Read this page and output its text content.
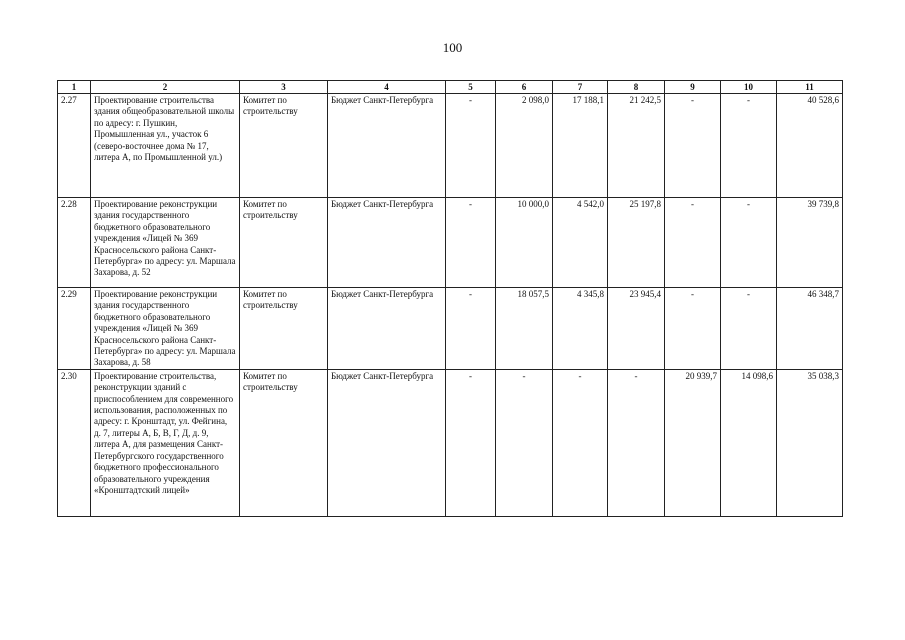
100
1	2	3	4	5	6	7	8	9	10	11
2.27	Проектирование строительства здания общеобразовательной школы по адресу: г. Пушкин, Промышленная ул., участок 6 (северо-восточнее дома № 17, литера А, по Промышленной ул.)	Комитет по строительству	Бюджет Санкт-Петербурга	-	2 098,0	17 188,1	21 242,5	-	-	40 528,6
2.28	Проектирование реконструкции здания государственного бюджетного образовательного учреждения «Лицей № 369 Красносельского района Санкт-Петербурга» по адресу: ул. Маршала Захарова, д. 52	Комитет по строительству	Бюджет Санкт-Петербурга	-	10 000,0	4 542,0	25 197,8	-	-	39 739,8
2.29	Проектирование реконструкции здания государственного бюджетного образовательного учреждения «Лицей № 369 Красносельского района Санкт-Петербурга» по адресу: ул. Маршала Захарова, д. 58	Комитет по строительству	Бюджет Санкт-Петербурга	-	18 057,5	4 345,8	23 945,4	-	-	46 348,7
2.30	Проектирование строительства, реконструкции зданий с приспособлением для современного использования, расположенных по адресу: г. Кронштадт, ул. Фейгина, д. 7, литеры А, Б, В, Г, Д, д. 9, литера А, для размещения Санкт-Петербургского государственного бюджетного профессионального образовательного учреждения «Кронштадтский лицей»	Комитет по строительству	Бюджет Санкт-Петербурга	-	-	-	-	20 939,7	14 098,6	35 038,3
